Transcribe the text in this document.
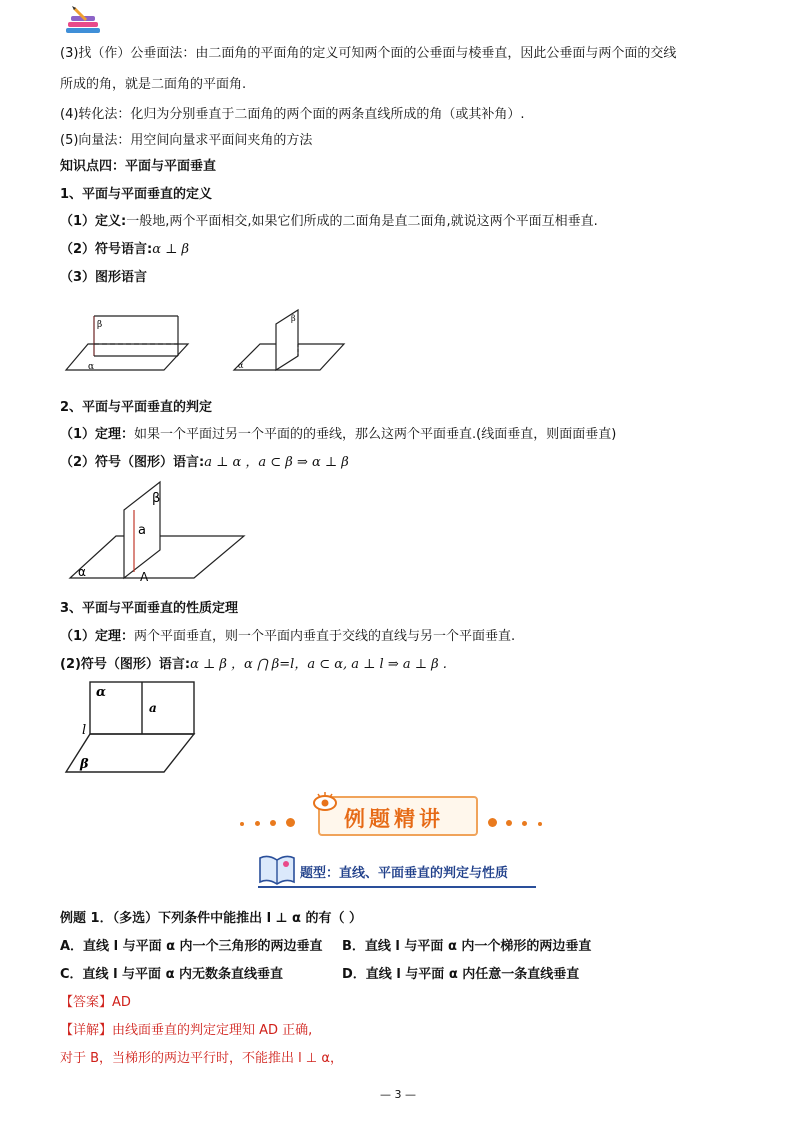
(3)找（作）公垂面法：由二面角的平面角的定义可知两个面的公垂面与棱垂直，因此公垂面与两个面的交线
所成的角，就是二面角的平面角.
(4)转化法：化归为分别垂直于二面角的两个面的两条直线所成的角（或其补角）.
(5)向量法：用空间向量求平面间夹角的方法
知识点四：平面与平面垂直
1、平面与平面垂直的定义
（1）定义:一般地,两个平面相交,如果它们所成的二面角是直二面角,就说这两个平面互相垂直.
（2）符号语言:α ⊥ β
（3）图形语言
β
α
β
α
2、平面与平面垂直的判定
（1）定理：如果一个平面过另一个平面的的垂线，那么这两个平面垂直.(线面垂直，则面面垂直)
（2）符号（图形）语言:a ⊥ α ，a ⊂ β ⇒ α ⊥ β
β
a
α	A
3、平面与平面垂直的性质定理
（1）定理：两个平面垂直，则一个平面内垂直于交线的直线与另一个平面垂直.
(2)符号（图形）语言:α ⊥ β ，α ⋂ β=l，a ⊂ α, a ⊥ l ⇒ a ⊥ β .
α
a
l
β
例题精讲
题型：直线、平面垂直的判定与性质
例题 1．（多选）下列条件中能推出 l ⊥ α 的有（ ）
A．直线 l 与平面 α 内一个三角形的两边垂直 B．直线 l 与平面 α 内一个梯形的两边垂直
C．直线 l 与平面 α 内无数条直线垂直	D．直线 l 与平面 α 内任意一条直线垂直
【答案】AD
【详解】由线面垂直的判定定理知 AD 正确,
对于 B，当梯形的两边平行时，不能推出 l ⊥ α，
— 3 —
